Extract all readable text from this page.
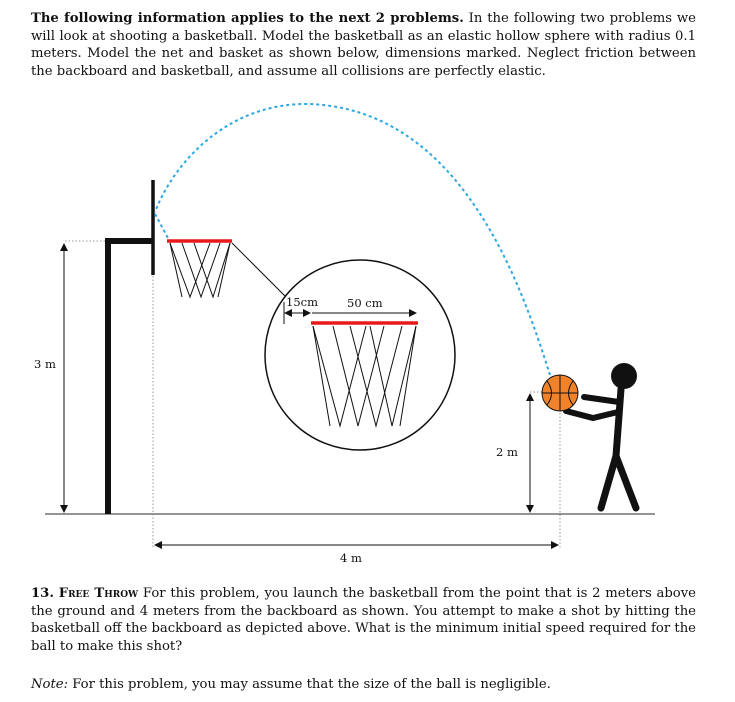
The following information applies to the next 2 problems. In the following two problems we will look at shooting a basketball. Model the basketball as an elastic hollow sphere with radius 0.1 meters. Model the net and basket as shown below, dimensions marked. Neglect friction between the backboard and basketball, and assume all collisions are perfectly elastic.

3 m
15cm	50 cm
2 m
4 m

13. Free Throw For this problem, you launch the basketball from the point that is 2 meters above the ground and 4 meters from the backboard as shown. You attempt to make a shot by hitting the basketball off the backboard as depicted above. What is the minimum initial speed required for the ball to make this shot?

Note: For this problem, you may assume that the size of the ball is negligible.
